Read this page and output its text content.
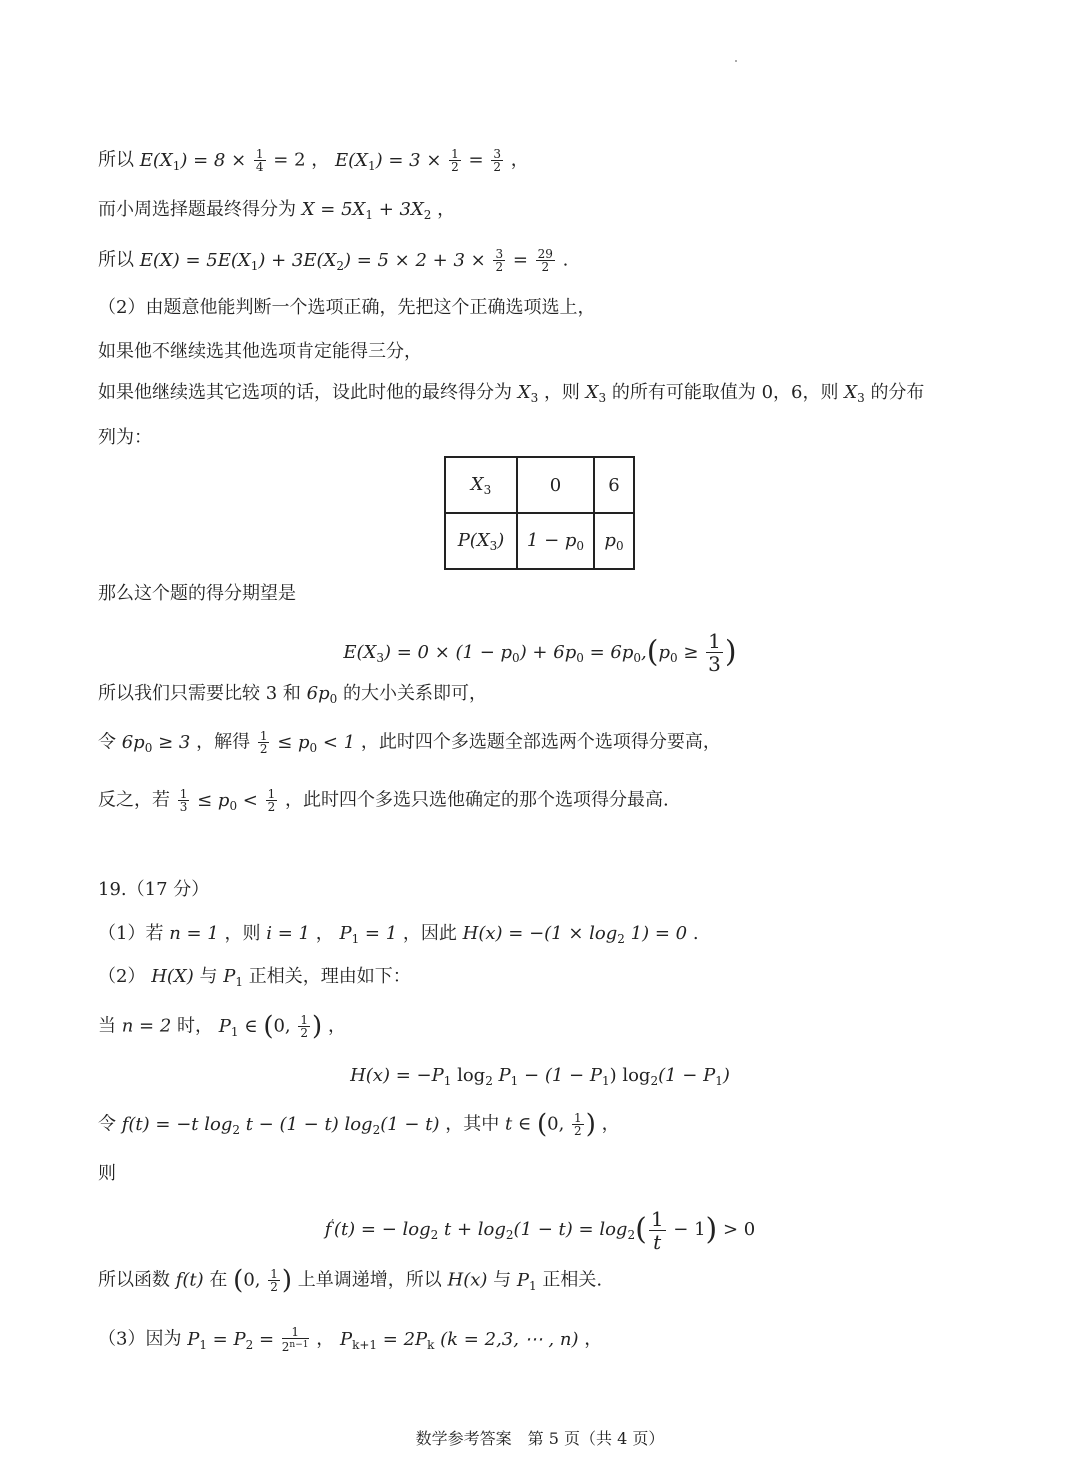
所以 $E(X_1) = 8 \times \frac{1}{4} = 2$ ， $E(X_1) = 3 \times \frac{1}{2} = \frac{3}{2}$ ，
而小周选择题最终得分为 $X = 5X_1 + 3X_2$ ，
所以 $E(X) = 5E(X_1) + 3E(X_2) = 5 \times 2 + 3 \times \frac{3}{2} = \frac{29}{2}$ .
（2）由题意他能判断一个选项正确，先把这个正确选项选上，
如果他不继续选其他选项肯定能得三分，
如果他继续选其它选项的话，设此时他的最终得分为 $X_3$ ，则 $X_3$ 的所有可能取值为 0，6，则 $X_3$ 的分布
列为：
$X_3$	0	6
$P(X_3)$	$1 - p_0$	$p_0$
那么这个题的得分期望是
$E(X_3) = 0 \times (1 - p_0) + 6p_0 = 6p_0,(p_0 \ge \frac{1}{3}$ )
所以我们只需要比较 3 和 $6p_0$ 的大小关系即可，
令 $6p_0 \ge 3$ ，解得 $\frac{1}{2} \le p_0 < 1$ ，此时四个多选题全部选两个选项得分要高，
反之，若 $\frac{1}{3} \le p_0 < \frac{1}{2}$ ，此时四个多选只选他确定的那个选项得分最高.
19.（17 分）
（1）若 n = 1 ，则 i = 1 ， $P_1 = 1$ ，因此 $H(x) = -(1 \times \log_2 1) = 0$ .
（2） H(X) 与 $P_1$ 正相关，理由如下：
当 n = 2 时， $P_1$ ∈ (0, $\frac{1}{2}$ ) ，
$H(x) = -P_1$ $\log_2 P_1 - (1 - P_1) \log_2(1 - P_1)$
令 f(t) = −t $\log_2 t - (1 - t) \log_2(1 - t)$ ，其中 t ∈ (0, $\frac{1}{2}$ ) ，
则
f′(t) = − $\log_2 t + \log_2(1 - t) = \log_2( \frac{1}{t} - 1) > 0$
所以函数 f(t) 在 (0, $\frac{1}{2}$ ) 上单调递增，所以 H(x) 与 $P_1$ 正相关.
（3）因为 $P_1 = P_2 = \frac{1}{2^{n-1}}$ ， $P_{k+1} = 2P_k$ (k = 2,3, ⋯ , n) ，
数学参考答案　第 5 页（共 4 页）
